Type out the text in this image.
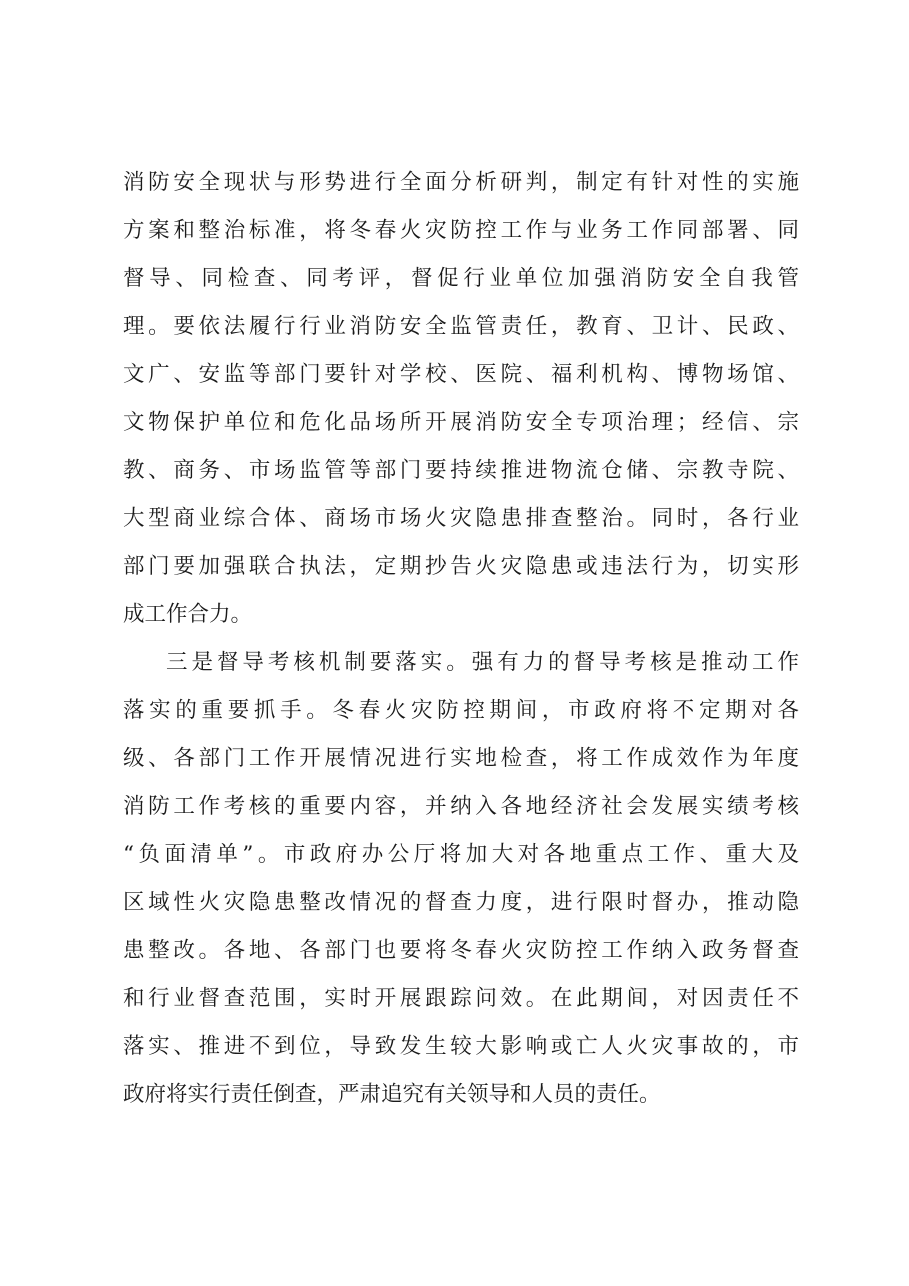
消防安全现状与形势进行全面分析研判，制定有针对性的实施
方案和整治标准，将冬春火灾防控工作与业务工作同部署、同
督导、同检查、同考评，督促行业单位加强消防安全自我管
理。要依法履行行业消防安全监管责任，教育、卫计、民政、
文广、安监等部门要针对学校、医院、福利机构、博物场馆、
文物保护单位和危化品场所开展消防安全专项治理；经信、宗
教、商务、市场监管等部门要持续推进物流仓储、宗教寺院、
大型商业综合体、商场市场火灾隐患排查整治。同时，各行业
部门要加强联合执法，定期抄告火灾隐患或违法行为，切实形
成工作合力。
三是督导考核机制要落实。强有力的督导考核是推动工作
落实的重要抓手。冬春火灾防控期间，市政府将不定期对各
级、各部门工作开展情况进行实地检查，将工作成效作为年度
消防工作考核的重要内容，并纳入各地经济社会发展实绩考核
“负面清单”。市政府办公厅将加大对各地重点工作、重大及
区域性火灾隐患整改情况的督查力度，进行限时督办，推动隐
患整改。各地、各部门也要将冬春火灾防控工作纳入政务督查
和行业督查范围，实时开展跟踪问效。在此期间，对因责任不
落实、推进不到位，导致发生较大影响或亡人火灾事故的，市
政府将实行责任倒查，严肃追究有关领导和人员的责任。
